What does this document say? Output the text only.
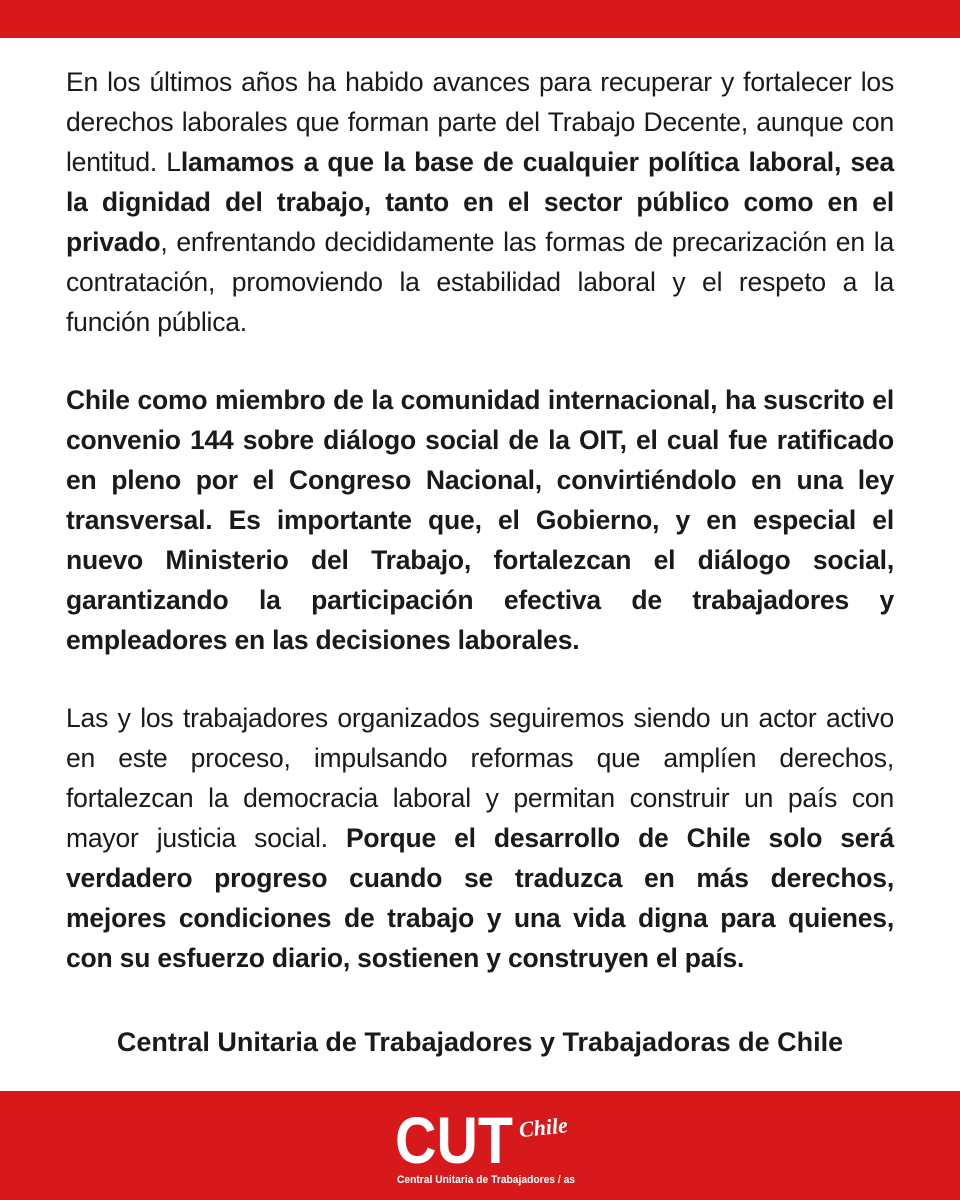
En los últimos años ha habido avances para recuperar y fortalecer los derechos laborales que forman parte del Trabajo Decente, aunque con lentitud. Llamamos a que la base de cualquier política laboral, sea la dignidad del trabajo, tanto en el sector público como en el privado, enfrentando decididamente las formas de precarización en la contratación, promoviendo la estabilidad laboral y el respeto a la función pública.

Chile como miembro de la comunidad internacional, ha suscrito el convenio 144 sobre diálogo social de la OIT, el cual fue ratificado en pleno por el Congreso Nacional, convirtiéndolo en una ley transversal. Es importante que, el Gobierno, y en especial el nuevo Ministerio del Trabajo, fortalezcan el diálogo social, garantizando la participación efectiva de trabajadores y empleadores en las decisiones laborales.

Las y los trabajadores organizados seguiremos siendo un actor activo en este proceso, impulsando reformas que amplíen derechos, fortalezcan la democracia laboral y permitan construir un país con mayor justicia social. Porque el desarrollo de Chile solo será verdadero progreso cuando se traduzca en más derechos, mejores condiciones de trabajo y una vida digna para quienes, con su esfuerzo diario, sostienen y construyen el país.

Central Unitaria de Trabajadores y Trabajadoras de Chile
CUT Chile
Central Unitaria de Trabajadores / as
